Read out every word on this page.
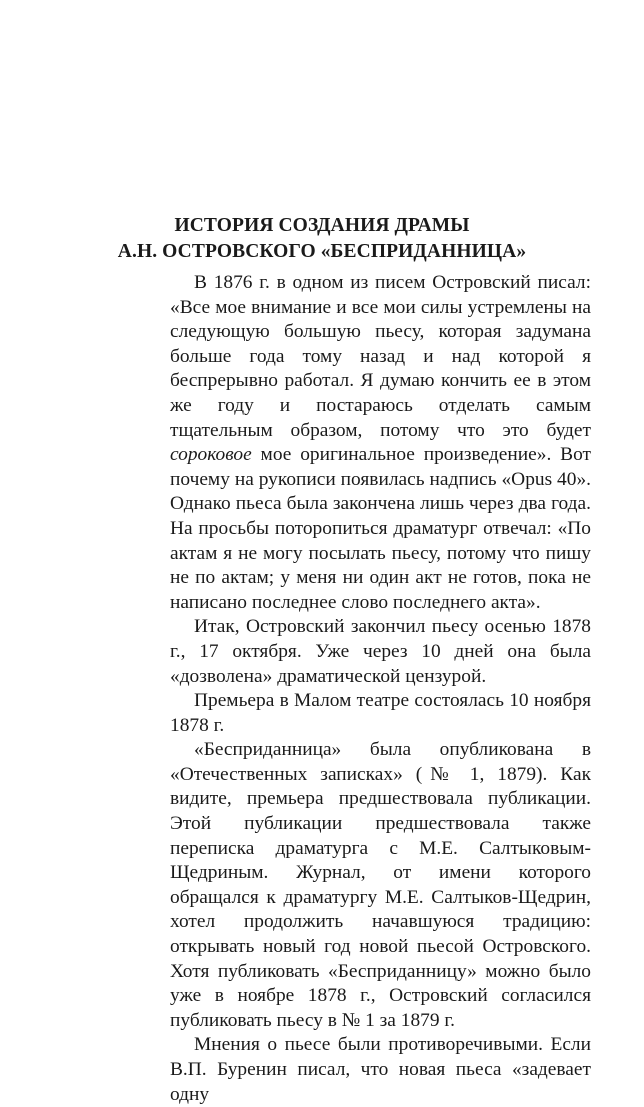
ИСТОРИЯ СОЗДАНИЯ ДРАМЫ
А.Н. ОСТРОВСКОГО «БЕСПРИДАННИЦА»

В 1876 г. в одном из писем Островский писал: «Все мое внимание и все мои силы устремлены на следующую большую пьесу, которая задумана больше года тому назад и над которой я беспрерывно работал. Я думаю кончить ее в этом же году и постараюсь отделать самым тщательным образом, потому что это будет сороковое мое оригинальное произведение». Вот почему на рукописи появилась надпись «Opus 40». Однако пьеса была закончена лишь через два года. На просьбы поторопиться драматург отвечал: «По актам я не могу посылать пьесу, потому что пишу не по актам; у меня ни один акт не готов, пока не написано последнее слово последнего акта».

Итак, Островский закончил пьесу осенью 1878 г., 17 октября. Уже через 10 дней она была «дозволена» драматической цензурой.

Премьера в Малом театре состоялась 10 ноября 1878 г.

«Бесприданница» была опубликована в «Отечественных записках» (№ 1, 1879). Как видите, премьера предшествовала публикации. Этой публикации предшествовала также переписка драматурга с М.Е. Салтыковым-Щедриным. Журнал, от имени которого обращался к драматургу М.Е. Салтыков-Щедрин, хотел продолжить начавшуюся традицию: открывать новый год новой пьесой Островского. Хотя публиковать «Бесприданницу» можно было уже в ноябре 1878 г., Островский согласился публиковать пьесу в № 1 за 1879 г.

Мнения о пьесе были противоречивыми. Если В.П. Буренин писал, что новая пьеса «задевает одну
